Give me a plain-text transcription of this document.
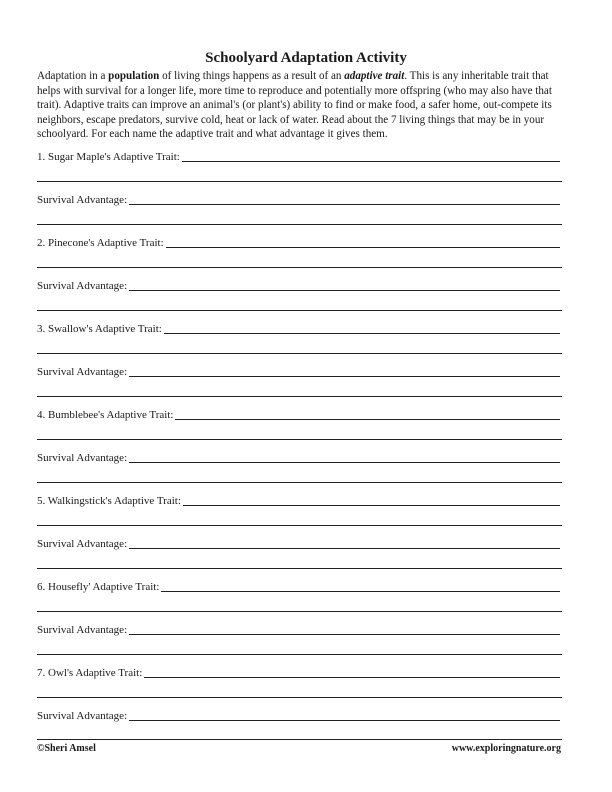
Schoolyard Adaptation Activity

Adaptation in a population of living things happens as a result of an adaptive trait. This is any inheritable trait that helps with survival for a longer life, more time to reproduce and potentially more offspring (who may also have that trait). Adaptive traits can improve an animal's (or plant's) ability to find or make food, a safer home, out-compete its neighbors, escape predators, survive cold, heat or lack of water. Read about the 7 living things that may be in your schoolyard. For each name the adaptive trait and what advantage it gives them.

1. Sugar Maple's Adaptive Trait:
Survival Advantage:
2. Pinecone's Adaptive Trait:
Survival Advantage:
3. Swallow's Adaptive Trait:
Survival Advantage:
4. Bumblebee's Adaptive Trait:
Survival Advantage:
5. Walkingstick's Adaptive Trait:
Survival Advantage:
6. Housefly' Adaptive Trait:
Survival Advantage:
7. Owl's Adaptive Trait:
Survival Advantage:
©Sheri Amsel	www.exploringnature.org
